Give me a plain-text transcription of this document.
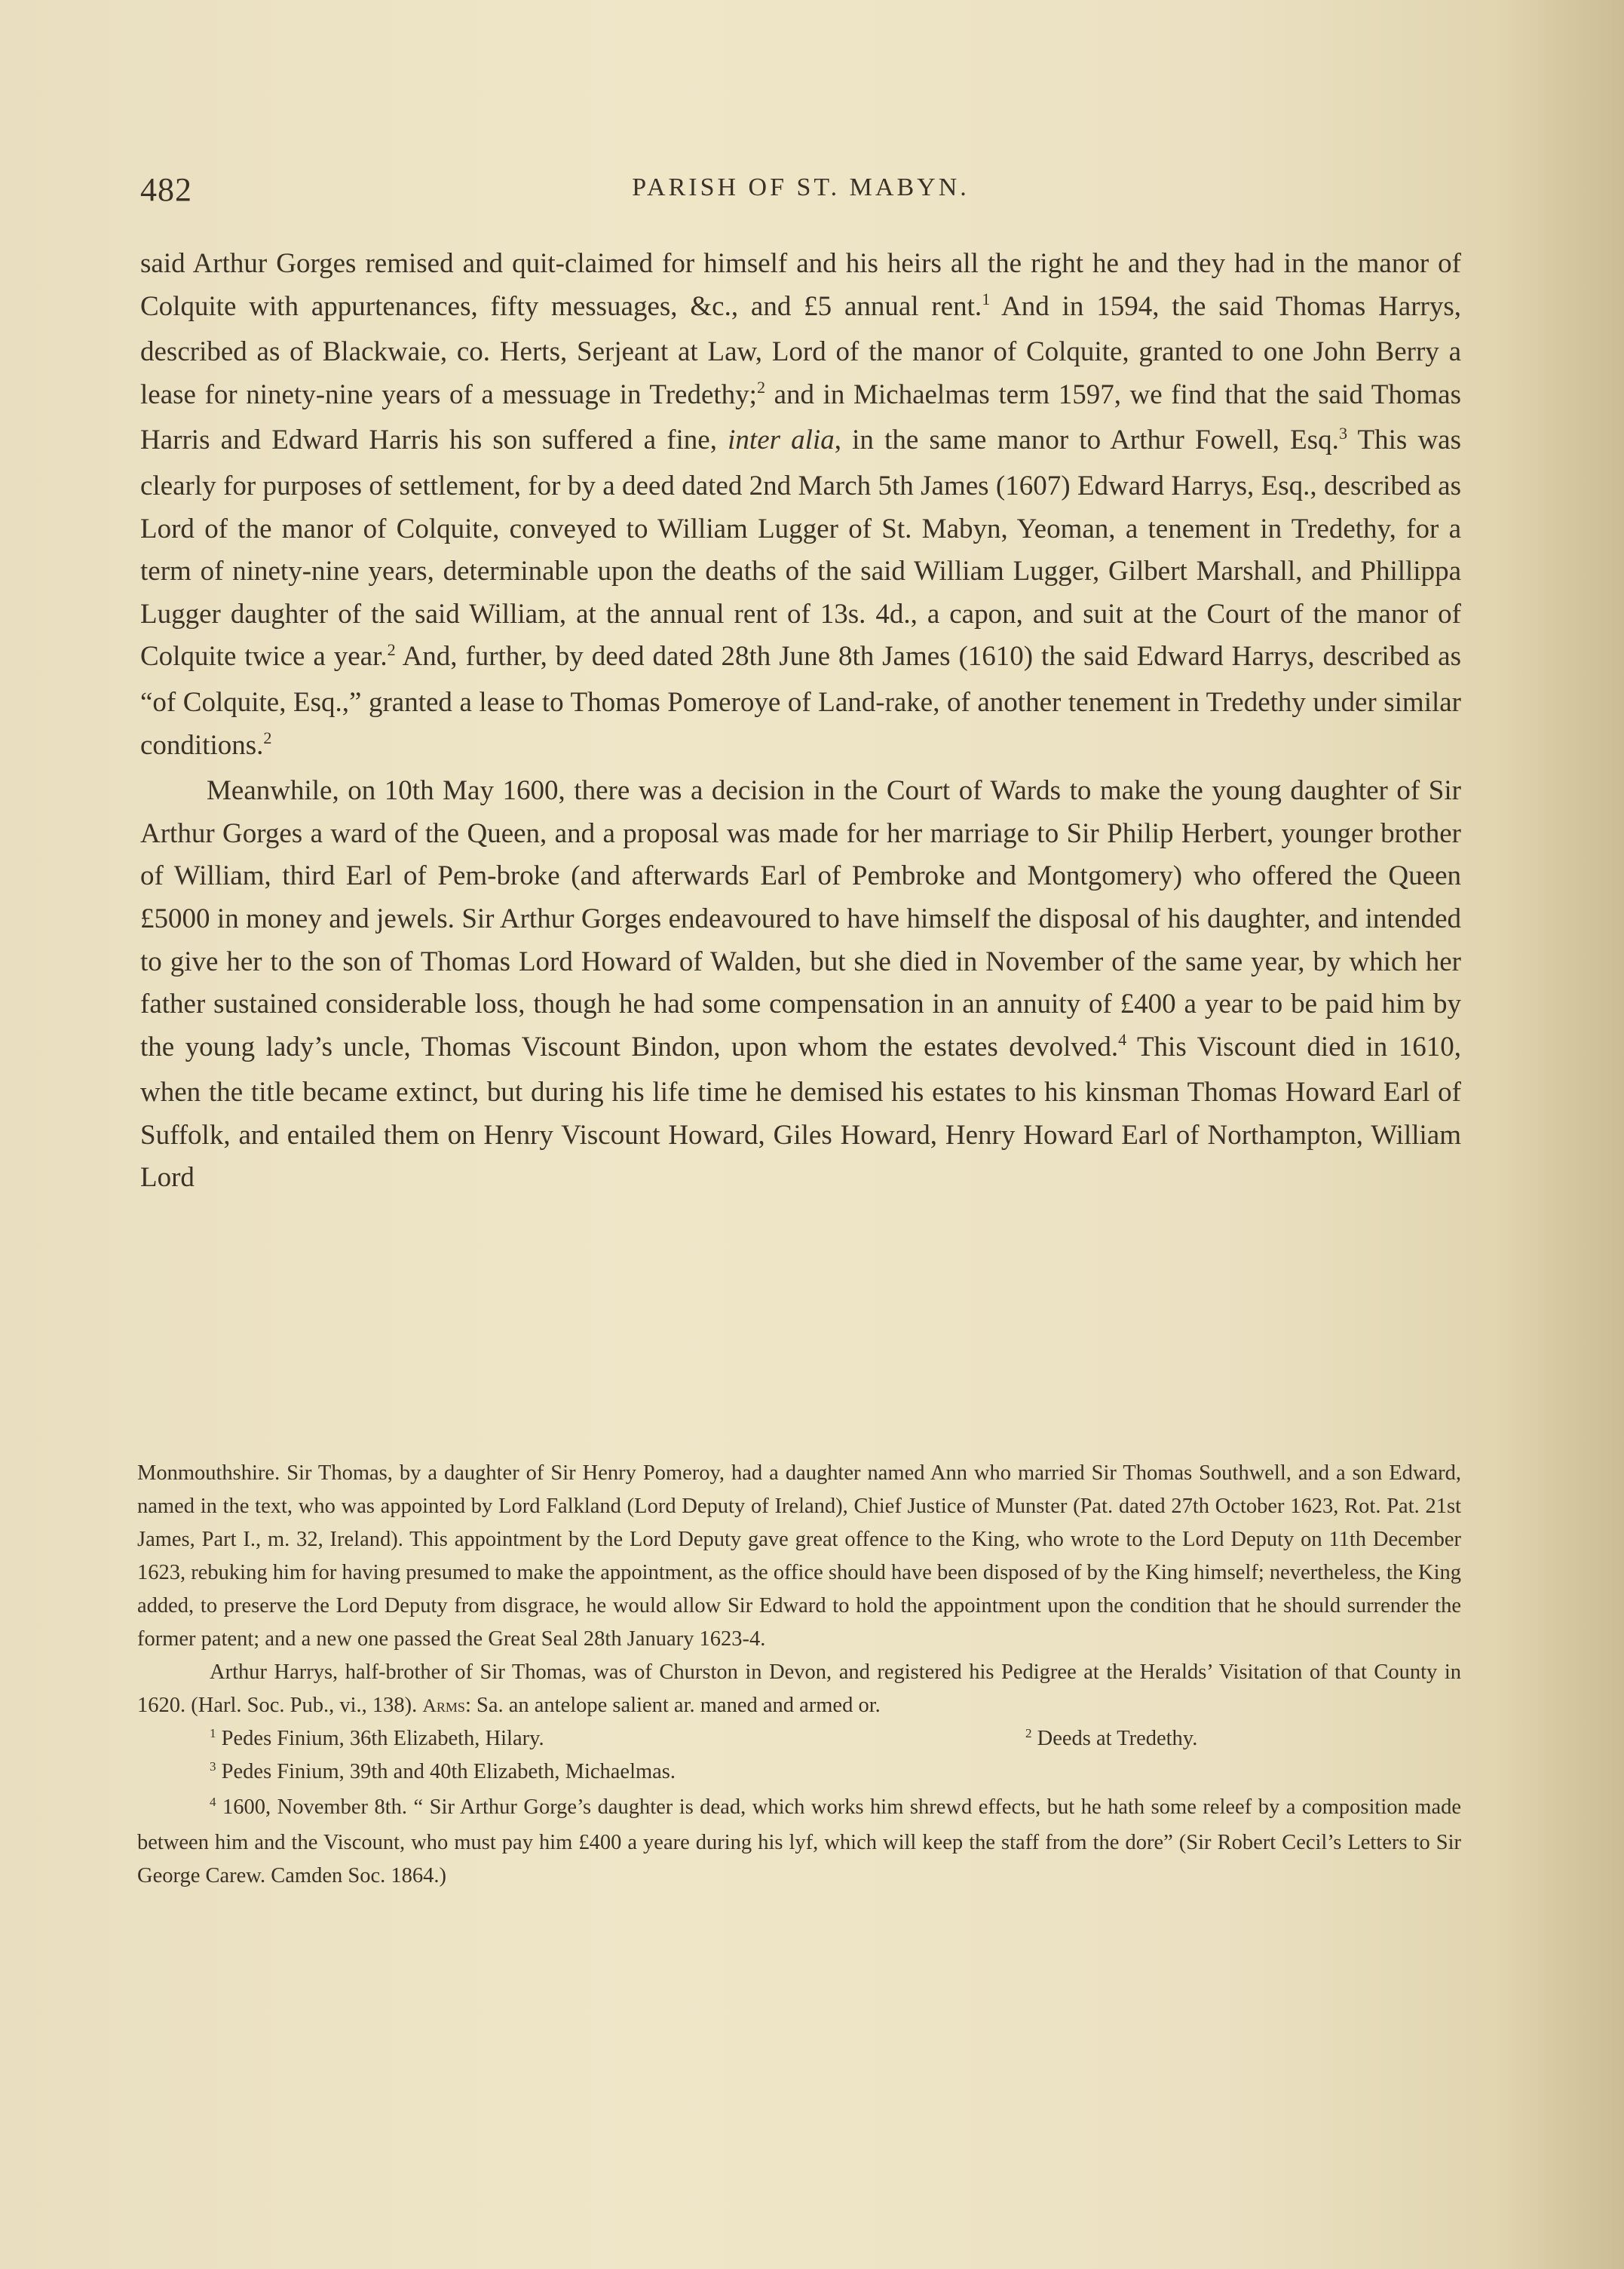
482	PARISH OF ST. MABYN.

said Arthur Gorges remised and quit-claimed for himself and his heirs all the right he and they had in the manor of Colquite with appurtenances, fifty messuages, &c., and £5 annual rent.$^1$ And in 1594, the said Thomas Harrys, described as of Blackwaie, co. Herts, Serjeant at Law, Lord of the manor of Colquite, granted to one John Berry a lease for ninety-nine years of a messuage in Tredethy;$^2$ and in Michaelmas term 1597, we find that the said Thomas Harris and Edward Harris his son suffered a fine, inter alia, in the same manor to Arthur Fowell, Esq.$^3$ This was clearly for purposes of settlement, for by a deed dated 2nd March 5th James (1607) Edward Harrys, Esq., described as Lord of the manor of Colquite, conveyed to William Lugger of St. Mabyn, Yeoman, a tenement in Tredethy, for a term of ninety-nine years, determinable upon the deaths of the said William Lugger, Gilbert Marshall, and Phillippa Lugger daughter of the said William, at the annual rent of 13s. 4d., a capon, and suit at the Court of the manor of Colquite twice a year.$^2$ And, further, by deed dated 28th June 8th James (1610) the said Edward Harrys, described as “of Colquite, Esq.,” granted a lease to Thomas Pomeroye of Land-rake, of another tenement in Tredethy under similar conditions.$^2$

Meanwhile, on 10th May 1600, there was a decision in the Court of Wards to make the young daughter of Sir Arthur Gorges a ward of the Queen, and a proposal was made for her marriage to Sir Philip Herbert, younger brother of William, third Earl of Pem-broke (and afterwards Earl of Pembroke and Montgomery) who offered the Queen £5000 in money and jewels. Sir Arthur Gorges endeavoured to have himself the disposal of his daughter, and intended to give her to the son of Thomas Lord Howard of Walden, but she died in November of the same year, by which her father sustained considerable loss, though he had some compensation in an annuity of £400 a year to be paid him by the young lady’s uncle, Thomas Viscount Bindon, upon whom the estates devolved.$^4$ This Viscount died in 1610, when the title became extinct, but during his life time he demised his estates to his kinsman Thomas Howard Earl of Suffolk, and entailed them on Henry Viscount Howard, Giles Howard, Henry Howard Earl of Northampton, William Lord

Monmouthshire. Sir Thomas, by a daughter of Sir Henry Pomeroy, had a daughter named Ann who married Sir Thomas Southwell, and a son Edward, named in the text, who was appointed by Lord Falkland (Lord Deputy of Ireland), Chief Justice of Munster (Pat. dated 27th October 1623, Rot. Pat. 21st James, Part I., m. 32, Ireland). This appointment by the Lord Deputy gave great offence to the King, who wrote to the Lord Deputy on 11th December 1623, rebuking him for having presumed to make the appointment, as the office should have been disposed of by the King himself; nevertheless, the King added, to preserve the Lord Deputy from disgrace, he would allow Sir Edward to hold the appointment upon the condition that he should surrender the former patent; and a new one passed the Great Seal 28th January 1623-4.

Arthur Harrys, half-brother of Sir Thomas, was of Churston in Devon, and registered his Pedigree at the Heralds’ Visitation of that County in 1620. (Harl. Soc. Pub., vi., 138). Arms: Sa. an antelope salient ar. maned and armed or.

$^1$ Pedes Finium, 36th Elizabeth, Hilary.	$^2$ Deeds at Tredethy.

$^3$ Pedes Finium, 39th and 40th Elizabeth, Michaelmas.

$^4$ 1600, November 8th. “ Sir Arthur Gorge’s daughter is dead, which works him shrewd effects, but he hath some releef by a composition made between him and the Viscount, who must pay him £400 a yeare during his lyf, which will keep the staff from the dore” (Sir Robert Cecil’s Letters to Sir George Carew. Camden Soc. 1864.)
